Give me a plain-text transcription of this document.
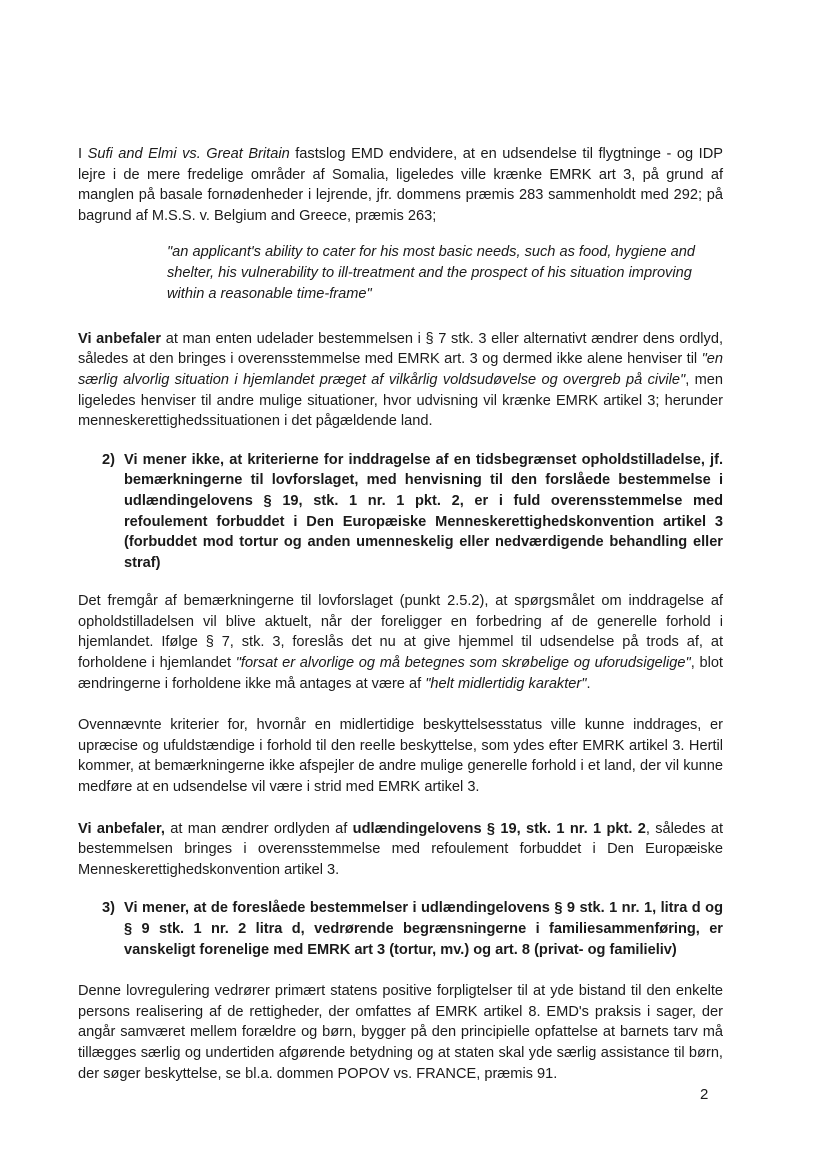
I Sufi and Elmi vs. Great Britain fastslog EMD endvidere, at en udsendelse til flygtninge - og IDP lejre i de mere fredelige områder af Somalia, ligeledes ville krænke EMRK art 3, på grund af manglen på basale fornødenheder i lejrende, jfr. dommens præmis 283 sammenholdt med 292; på bagrund af M.S.S. v. Belgium and Greece, præmis 263;

"an applicant's ability to cater for his most basic needs, such as food, hygiene and shelter, his vulnerability to ill-treatment and the prospect of his situation improving within a reasonable time-frame"

Vi anbefaler at man enten udelader bestemmelsen i § 7 stk. 3 eller alternativt ændrer dens ordlyd, således at den bringes i overensstemmelse med EMRK art. 3 og dermed ikke alene henviser til "en særlig alvorlig situation i hjemlandet præget af vilkårlig voldsudøvelse og overgreb på civile", men ligeledes henviser til andre mulige situationer, hvor udvisning vil krænke EMRK artikel 3; herunder menneskerettighedssituationen i det pågældende land.

2) Vi mener ikke, at kriterierne for inddragelse af en tidsbegrænset opholdstilladelse, jf. bemærkningerne til lovforslaget, med henvisning til den forslåede bestemmelse i udlændingelovens § 19, stk. 1 nr. 1 pkt. 2, er i fuld overensstemmelse med refoulement forbuddet i Den Europæiske Menneskerettighedskonvention artikel 3 (forbuddet mod tortur og anden umenneskelig eller nedværdigende behandling eller straf)

Det fremgår af bemærkningerne til lovforslaget (punkt 2.5.2), at spørgsmålet om inddragelse af opholdstilladelsen vil blive aktuelt, når der foreligger en forbedring af de generelle forhold i hjemlandet. Ifølge § 7, stk. 3, foreslås det nu at give hjemmel til udsendelse på trods af, at forholdene i hjemlandet "forsat er alvorlige og må betegnes som skrøbelige og uforudsigelige", blot ændringerne i forholdene ikke må antages at være af "helt midlertidig karakter".

Ovennævnte kriterier for, hvornår en midlertidige beskyttelsesstatus ville kunne inddrages, er upræcise og ufuldstændige i forhold til den reelle beskyttelse, som ydes efter EMRK artikel 3. Hertil kommer, at bemærkningerne ikke afspejler de andre mulige generelle forhold i et land, der vil kunne medføre at en udsendelse vil være i strid med EMRK artikel 3.

Vi anbefaler, at man ændrer ordlyden af udlændingelovens § 19, stk. 1 nr. 1 pkt. 2, således at bestemmelsen bringes i overensstemmelse med refoulement forbuddet i Den Europæiske Menneskerettighedskonvention artikel 3.

3) Vi mener, at de foreslåede bestemmelser i udlændingelovens § 9 stk. 1 nr. 1, litra d og § 9 stk. 1 nr. 2 litra d, vedrørende begrænsningerne i familiesammenføring, er vanskeligt forenelige med EMRK art 3 (tortur, mv.) og art. 8 (privat- og familieliv)

Denne lovregulering vedrører primært statens positive forpligtelser til at yde bistand til den enkelte persons realisering af de rettigheder, der omfattes af EMRK artikel 8. EMD's praksis i sager, der angår samværet mellem forældre og børn, bygger på den principielle opfattelse at barnets tarv må tillægges særlig og undertiden afgørende betydning og at staten skal yde særlig assistance til børn, der søger beskyttelse, se bl.a. dommen POPOV vs. FRANCE, præmis 91.

2
